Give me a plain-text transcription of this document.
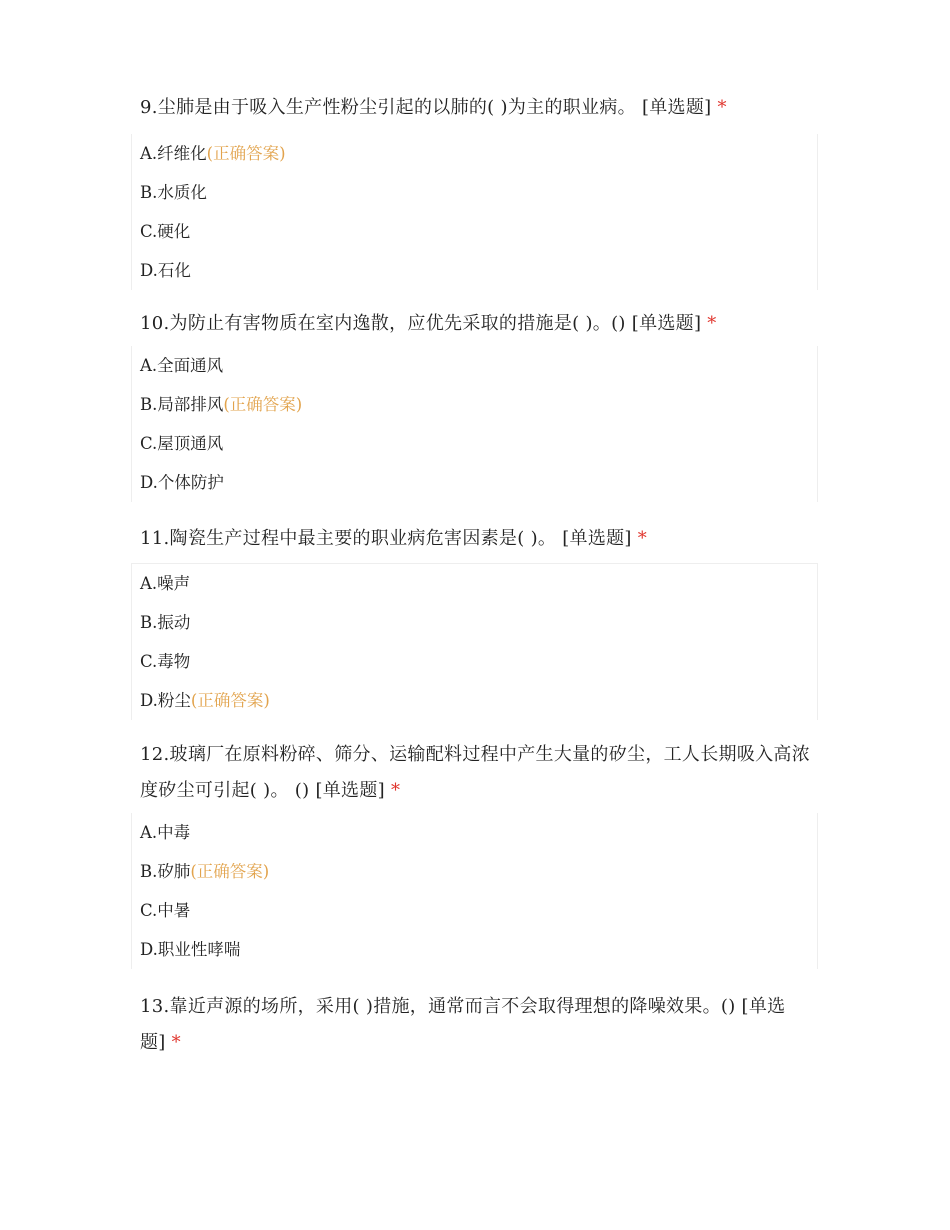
9.尘肺是由于吸入生产性粉尘引起的以肺的( )为主的职业病。 [单选题] *

A.纤维化(正确答案)
B.水质化
C.硬化
D.石化

10.为防止有害物质在室内逸散，应优先采取的措施是( )。() [单选题] *

A.全面通风
B.局部排风(正确答案)
C.屋顶通风
D.个体防护

11.陶瓷生产过程中最主要的职业病危害因素是( )。 [单选题] *

A.噪声
B.振动
C.毒物
D.粉尘(正确答案)

12.玻璃厂在原料粉碎、筛分、运输配料过程中产生大量的矽尘，工人长期吸入高浓度矽尘可引起( )。 () [单选题] *

A.中毒
B.矽肺(正确答案)
C.中暑
D.职业性哮喘

13.靠近声源的场所，采用( )措施，通常而言不会取得理想的降噪效果。() [单选题] *
